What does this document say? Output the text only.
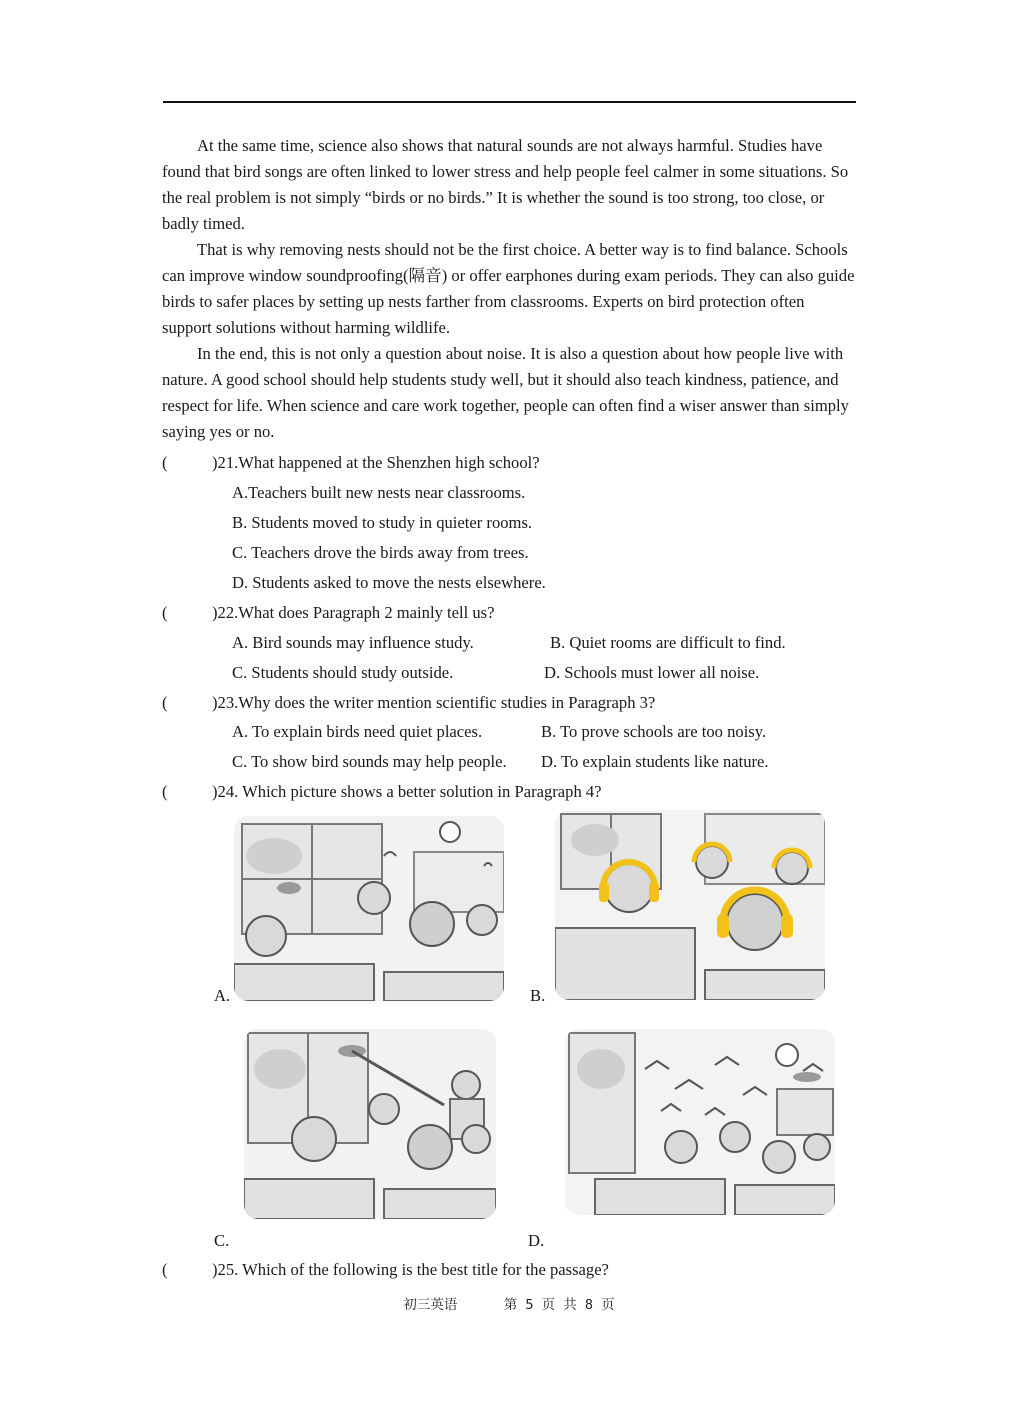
At the same time, science also shows that natural sounds are not always harmful. Studies have found that bird songs are often linked to lower stress and help people feel calmer in some situations. So the real problem is not simply “birds or no birds.” It is whether the sound is too strong, too close, or badly timed.

That is why removing nests should not be the first choice. A better way is to find balance. Schools can improve window soundproofing(隔音) or offer earphones during exam periods. They can also guide birds to safer places by setting up nests farther from classrooms. Experts on bird protection often support solutions without harming wildlife.

In the end, this is not only a question about noise. It is also a question about how people live with nature. A good school should help students study well, but it should also teach kindness, patience, and respect for life. When science and care work together, people can often find a wiser answer than simply saying yes or no.

(	)21.What happened at the Shenzhen high school?
A.Teachers built new nests near classrooms.
B. Students moved to study in quieter rooms.
C. Teachers drove the birds away from trees.
D. Students asked to move the nests elsewhere.
(	)22.What does Paragraph 2 mainly tell us?
A. Bird sounds may influence study.	B. Quiet rooms are difficult to find.
C. Students should study outside.	D. Schools must lower all noise.
(	)23.Why does the writer mention scientific studies in Paragraph 3?
A. To explain birds need quiet places.	B. To prove schools are too noisy.
C. To show bird sounds may help people. D. To explain students like nature.
(	)24. Which picture shows a better solution in Paragraph 4?
A.	B.
C.	D.
(	)25. Which of the following is the best title for the passage?
初三英语	第 5 页 共 8 页
